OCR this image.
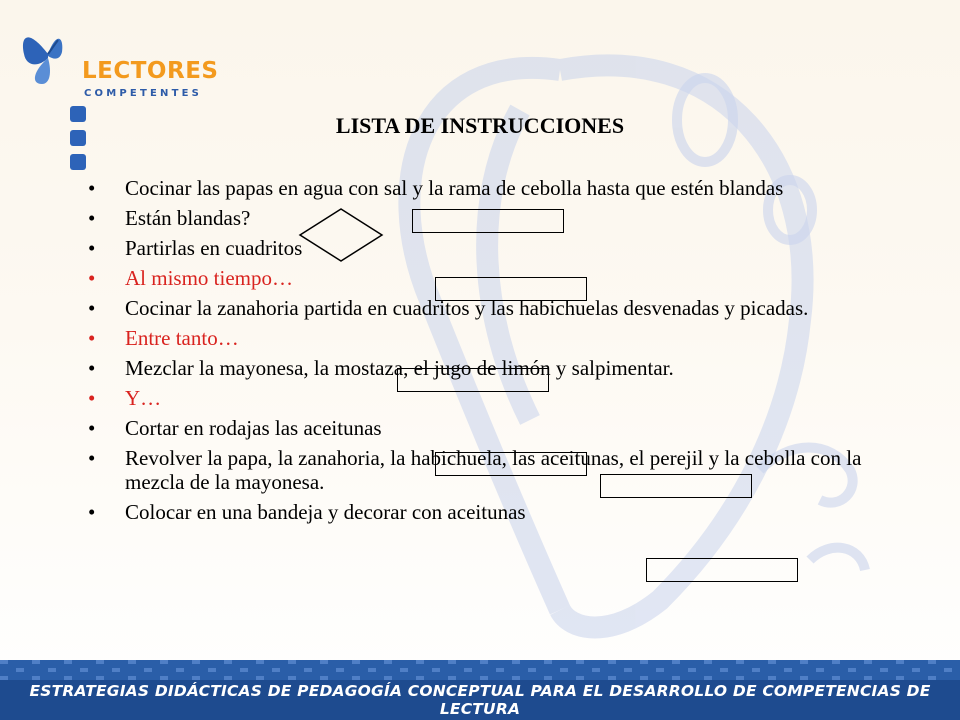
LECTORES
COMPETENTES
LISTA DE INSTRUCCIONES
• Cocinar las papas en agua con sal y la rama de cebolla hasta que estén blandas
• Están blandas?
• Partirlas en cuadritos
• Al mismo tiempo…
• Cocinar la zanahoria partida en cuadritos y las habichuelas desvenadas y picadas.
• Entre tanto…
• Mezclar la mayonesa, la mostaza, el jugo de limón y salpimentar.
• Y…
• Cortar en rodajas las aceitunas
• Revolver la papa, la zanahoria, la habichuela, las aceitunas, el perejil y la cebolla con la mezcla de la mayonesa.
• Colocar en una bandeja y decorar con aceitunas
ESTRATEGIAS DIDÁCTICAS DE PEDAGOGÍA CONCEPTUAL PARA EL DESARROLLO DE COMPETENCIAS DE LECTURA
